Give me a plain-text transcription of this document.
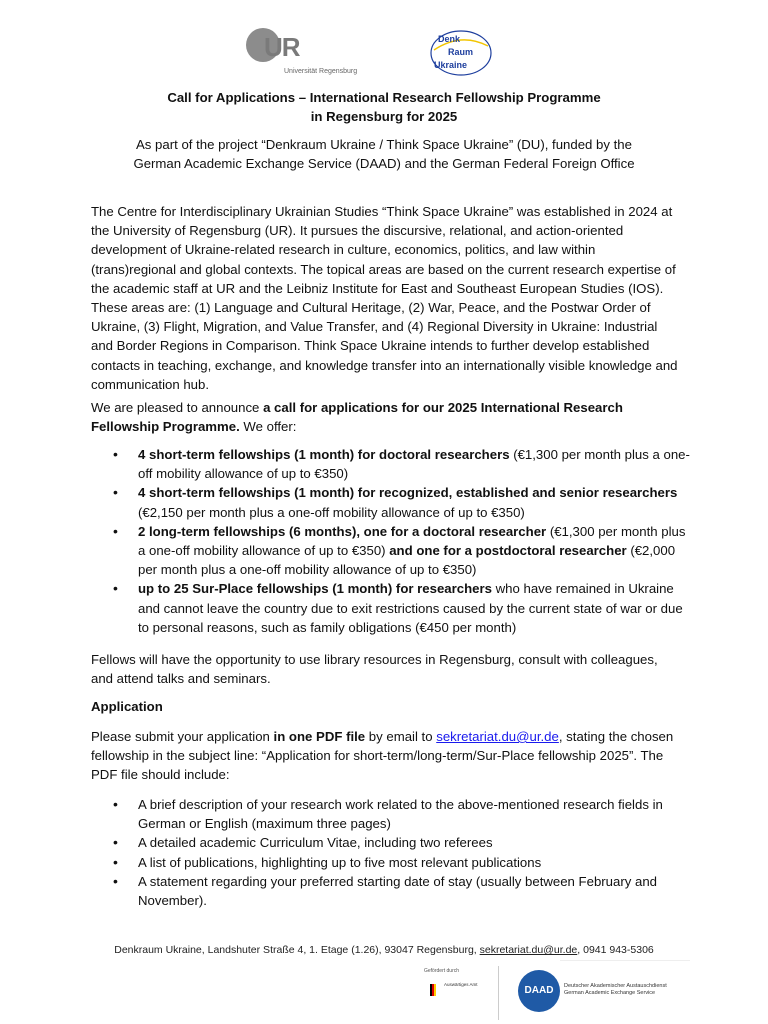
UR
Universität Regensburg
Denk
Raum
Ukraine
Call for Applications – International Research Fellowship Programme
in Regensburg for 2025
As part of the project “Denkraum Ukraine / Think Space Ukraine” (DU), funded by the
German Academic Exchange Service (DAAD) and the German Federal Foreign Office

The Centre for Interdisciplinary Ukrainian Studies “Think Space Ukraine” was established in 2024 at the University of Regensburg (UR). It pursues the discursive, relational, and action-oriented development of Ukraine-related research in culture, economics, politics, and law within (trans)regional and global contexts. The topical areas are based on the current research expertise of the academic staff at UR and the Leibniz Institute for East and Southeast European Studies (IOS). These areas are: (1) Language and Cultural Heritage, (2) War, Peace, and the Postwar Order of Ukraine, (3) Flight, Migration, and Value Transfer, and (4) Regional Diversity in Ukraine: Industrial and Border Regions in Comparison. Think Space Ukraine intends to further develop established contacts in teaching, exchange, and knowledge transfer into an internationally visible knowledge and communication hub.

We are pleased to announce a call for applications for our 2025 International Research Fellowship Programme. We offer:

• 4 short-term fellowships (1 month) for doctoral researchers (€1,300 per month plus a one-off mobility allowance of up to €350)
• 4 short-term fellowships (1 month) for recognized, established and senior researchers (€2,150 per month plus a one-off mobility allowance of up to €350)
• 2 long-term fellowships (6 months), one for a doctoral researcher (€1,300 per month plus a one-off mobility allowance of up to €350) and one for a postdoctoral researcher (€2,000 per month plus a one-off mobility allowance of up to €350)
• up to 25 Sur-Place fellowships (1 month) for researchers who have remained in Ukraine and cannot leave the country due to exit restrictions caused by the current state of war or due to personal reasons, such as family obligations (€450 per month)

Fellows will have the opportunity to use library resources in Regensburg, consult with colleagues, and attend talks and seminars.

Application

Please submit your application in one PDF file by email to sekretariat.du@ur.de, stating the chosen fellowship in the subject line: “Application for short-term/long-term/Sur-Place fellowship 2025”. The PDF file should include:

• A brief description of your research work related to the above-mentioned research fields in German or English (maximum three pages)
• A detailed academic Curriculum Vitae, including two referees
• A list of publications, highlighting up to five most relevant publications
• A statement regarding your preferred starting date of stay (usually between February and November).
Denkraum Ukraine, Landshuter Straße 4, 1. Etage (1.26), 93047 Regensburg, sekretariat.du@ur.de, 0941 943-5306
Gefördert durch
Auswärtiges Amt
DAAD	Deutscher Akademischer Austauschdienst
German Academic Exchange Service
